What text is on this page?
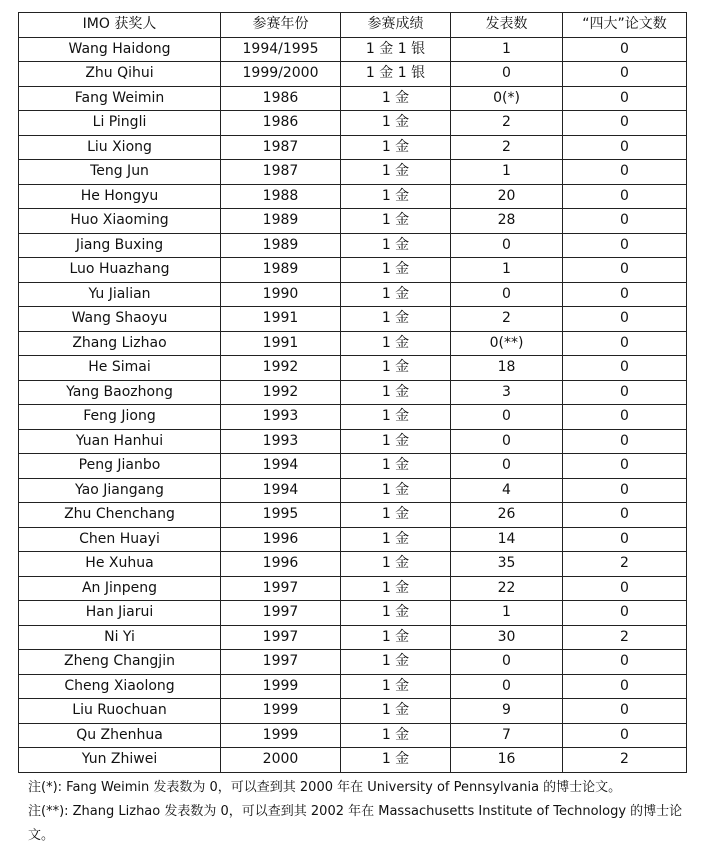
IMO 获奖人	参赛年份	参赛成绩	发表数	“四大”论文数
Wang Haidong	1994/1995	1 金 1 银	1	0
Zhu Qihui	1999/2000	1 金 1 银	0	0
Fang Weimin	1986	1 金	0(*)	0
Li Pingli	1986	1 金	2	0
Liu Xiong	1987	1 金	2	0
Teng Jun	1987	1 金	1	0
He Hongyu	1988	1 金	20	0
Huo Xiaoming	1989	1 金	28	0
Jiang Buxing	1989	1 金	0	0
Luo Huazhang	1989	1 金	1	0
Yu Jialian	1990	1 金	0	0
Wang Shaoyu	1991	1 金	2	0
Zhang Lizhao	1991	1 金	0(**)	0
He Simai	1992	1 金	18	0
Yang Baozhong	1992	1 金	3	0
Feng Jiong	1993	1 金	0	0
Yuan Hanhui	1993	1 金	0	0
Peng Jianbo	1994	1 金	0	0
Yao Jiangang	1994	1 金	4	0
Zhu Chenchang	1995	1 金	26	0
Chen Huayi	1996	1 金	14	0
He Xuhua	1996	1 金	35	2
An Jinpeng	1997	1 金	22	0
Han Jiarui	1997	1 金	1	0
Ni Yi	1997	1 金	30	2
Zheng Changjin	1997	1 金	0	0
Cheng Xiaolong	1999	1 金	0	0
Liu Ruochuan	1999	1 金	9	0
Qu Zhenhua	1999	1 金	7	0
Yun Zhiwei	2000	1 金	16	2

注(*): Fang Weimin 发表数为 0，可以查到其 2000 年在 University of Pennsylvania 的博士论文。

注(**): Zhang Lizhao 发表数为 0，可以查到其 2002 年在 Massachusetts Institute of Technology 的博士论文。
